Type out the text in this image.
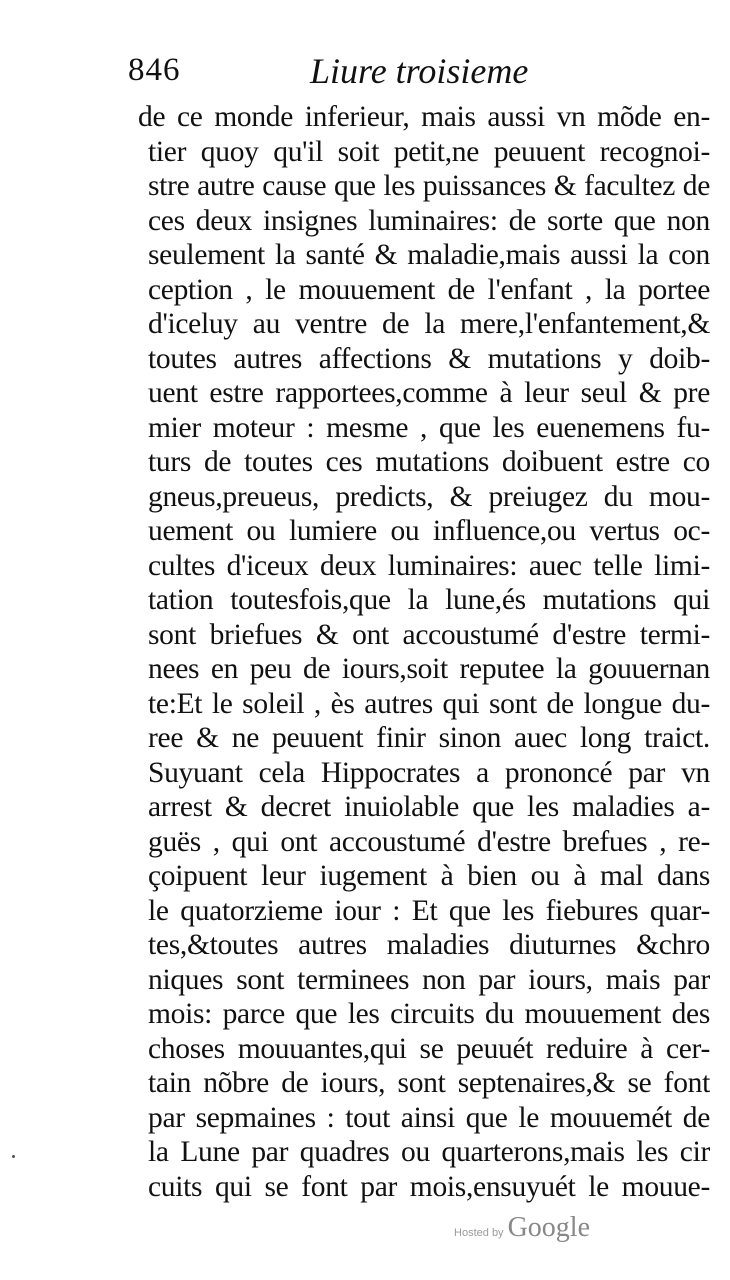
846	Liure troisieme
de ce monde inferieur, mais aussi vn mõde en-
tier quoy qu'il soit petit,ne peuuent recognoi-
stre autre cause que les puissances & facultez de
ces deux insignes luminaires: de sorte que non
seulement la santé & maladie,mais aussi la con
ception , le mouuement de l'enfant , la portee
d'iceluy au ventre de la mere,l'enfantement,&
toutes autres affections & mutations y doib-
uent estre rapportees,comme à leur seul & pre
mier moteur : mesme , que les euenemens fu-
turs de toutes ces mutations doibuent estre co
gneus,preueus, predicts, & preiugez du mou-
uement ou lumiere ou influence,ou vertus oc-
cultes d'iceux deux luminaires: auec telle limi-
tation toutesfois,que la lune,és mutations qui
sont briefues & ont accoustumé d'estre termi-
nees en peu de iours,soit reputee la gouuernan
te:Et le soleil , ès autres qui sont de longue du-
ree & ne peuuent finir sinon auec long traict.
Suyuant cela Hippocrates a prononcé par vn
arrest & decret inuiolable que les maladies a-
guës , qui ont accoustumé d'estre brefues , re-
çoipuent leur iugement à bien ou à mal dans
le quatorzieme iour : Et que les fiebures quar-
tes,&toutes autres maladies diuturnes &chro
niques sont terminees non par iours, mais par
mois: parce que les circuits du mouuement des
choses mouuantes,qui se peuuét reduire à cer-
tain nõbre de iours, sont septenaires,& se font
par sepmaines : tout ainsi que le mouuemét de
la Lune par quadres ou quarterons,mais les cir
cuits qui se font par mois,ensuyuét le mouue-
Hosted by Google
